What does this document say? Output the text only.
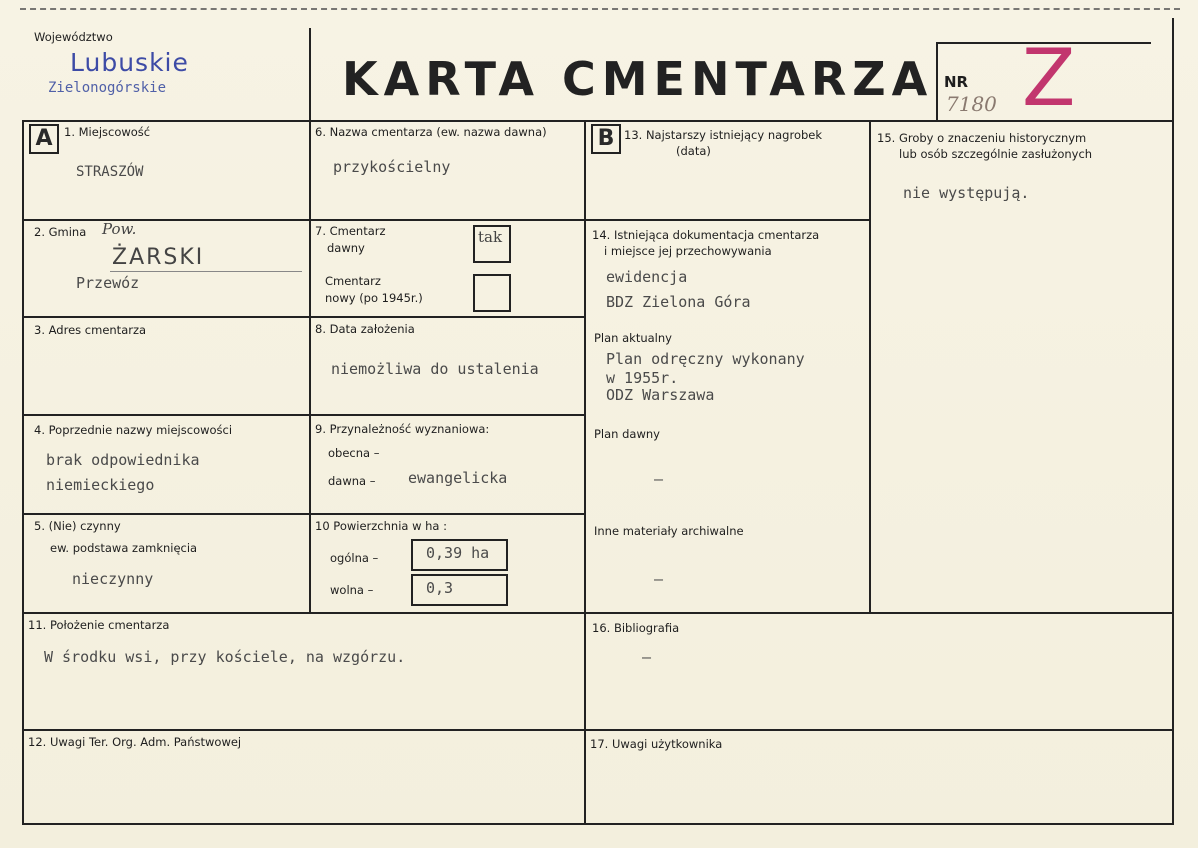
Województwo
Lubuskie
Zielonogórskie	KARTA CMENTARZA NR
7180 Z
A 1. Miejscowość
STRASZÓW
2. Gmina Pow.
ŻARSKI
Przewóz
3. Adres cmentarza
4. Poprzednie nazwy miejscowości
brak odpowiednika
niemieckiego
5. (Nie) czynny
ew. podstawa zamknięcia
nieczynny
6. Nazwa cmentarza (ew. nazwa dawna)
przykościelny
7. Cmentarz
dawny
tak
Cmentarz
nowy (po 1945r.)
8. Data założenia
niemożliwa do ustalenia
9. Przynależność wyznaniowa:
obecna –
dawna – ewangelicka
10 Powierzchnia w ha :
ogólna –	0,39 ha
wolna –	0,3
11. Położenie cmentarza
W środku wsi, przy kościele, na wzgórzu.
12. Uwagi Ter. Org. Adm. Państwowej
B 13. Najstarszy istniejący nagrobek
(data)
14. Istniejąca dokumentacja cmentarza
i miejsce jej przechowywania
ewidencja
BDZ Zielona Góra
Plan aktualny
Plan odręczny wykonany
w 1955r.
ODZ Warszawa
Plan dawny
–
Inne materiały archiwalne
–
15. Groby o znaczeniu historycznym
lub osób szczególnie zasłużonych
nie występują.
16. Bibliografia
–
17. Uwagi użytkownika
